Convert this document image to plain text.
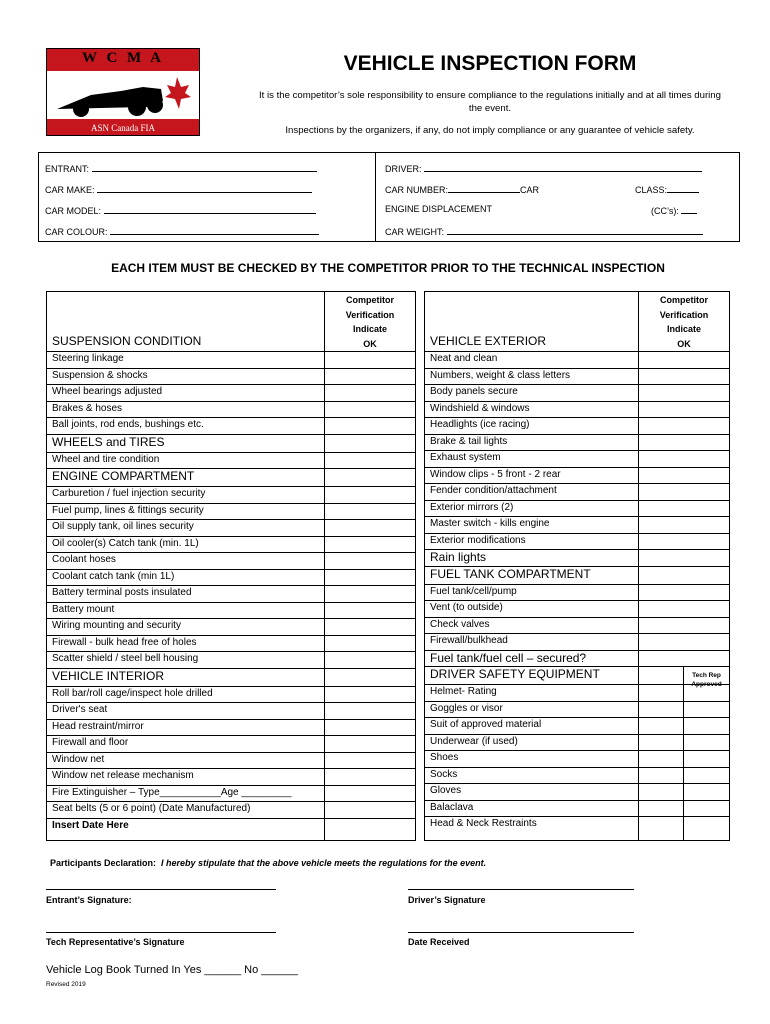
W C M A
ASN Canada FIA
VEHICLE INSPECTION FORM
It is the competitor’s sole responsibility to ensure compliance to the regulations initially and at all times during
the event.
Inspections by the organizers, if any, do not imply compliance or any guarantee of vehicle safety.
ENTRANT:
CAR MAKE:
CAR MODEL:
CAR COLOUR:
DRIVER:
CAR NUMBER:	CAR	CLASS:
ENGINE DISPLACEMENT	(CC’s):
CAR WEIGHT:
EACH ITEM MUST BE CHECKED BY THE COMPETITOR PRIOR TO THE TECHNICAL INSPECTION
Competitor
Verification
Indicate
OK
SUSPENSION CONDITION
Steering linkage
Suspension & shocks
Wheel bearings adjusted
Brakes & hoses
Ball joints, rod ends, bushings etc.
WHEELS and TIRES
Wheel and tire condition
ENGINE COMPARTMENT
Carburetion / fuel injection security
Fuel pump, lines & fittings security
Oil supply tank, oil lines security
Oil cooler(s) Catch tank (min. 1L)
Coolant hoses
Coolant catch tank (min 1L)
Battery terminal posts insulated
Battery mount
Wiring mounting and security
Firewall - bulk head free of holes
Scatter shield / steel bell housing
VEHICLE INTERIOR
Roll bar/roll cage/inspect hole drilled
Driver's seat
Head restraint/mirror
Firewall and floor
Window net
Window net release mechanism
Fire Extinguisher – Type___________Age _________
Seat belts (5 or 6 point) (Date Manufactured)
Insert Date Here
Competitor
Verification
Indicate
OK
Tech Rep
Approved
VEHICLE EXTERIOR
Neat and clean
Numbers, weight & class letters
Body panels secure
Windshield & windows
Headlights (ice racing)
Brake & tail lights
Exhaust system
Window clips - 5 front - 2 rear
Fender condition/attachment
Exterior mirrors (2)
Master switch - kills engine
Exterior modifications
Rain lights
FUEL TANK COMPARTMENT
Fuel tank/cell/pump
Vent (to outside)
Check valves
Firewall/bulkhead
Fuel tank/fuel cell – secured?
DRIVER SAFETY EQUIPMENT
Helmet- Rating
Goggles or visor
Suit of approved material
Underwear (if used)
Shoes
Socks
Gloves
Balaclava
Head & Neck Restraints
Participants Declaration: I hereby stipulate that the above vehicle meets the regulations for the event.
Entrant’s Signature:	Driver’s Signature
Tech Representative’s Signature	Date Received
Vehicle Log Book Turned In Yes ______ No ______
Revised 2019
